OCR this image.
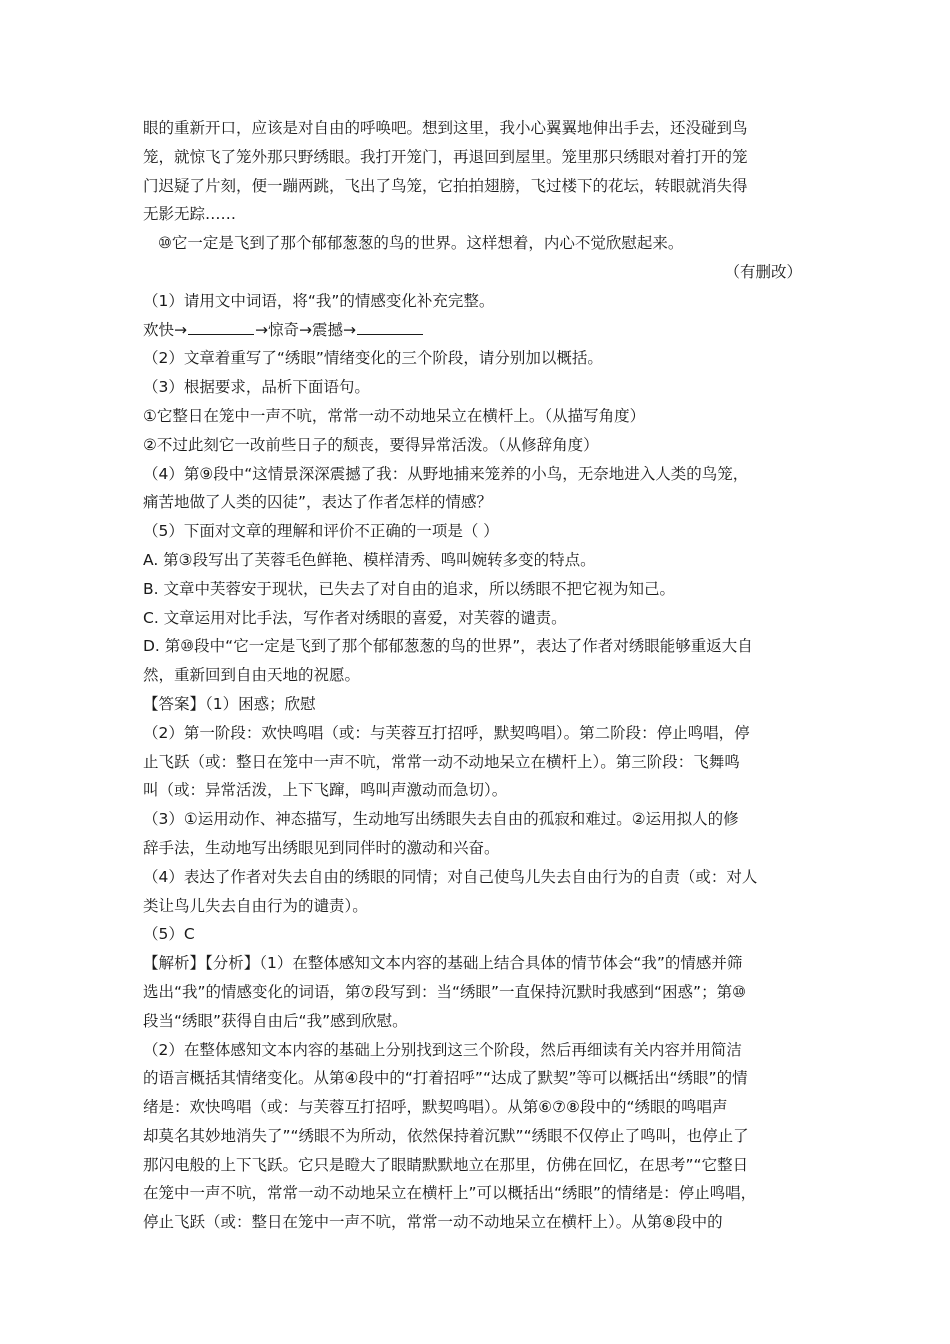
眼的重新开口，应该是对自由的呼唤吧。想到这里，我小心翼翼地伸出手去，还没碰到鸟
笼，就惊飞了笼外那只野绣眼。我打开笼门，再退回到屋里。笼里那只绣眼对着打开的笼
门迟疑了片刻，便一蹦两跳，飞出了鸟笼，它拍拍翅膀，飞过楼下的花坛，转眼就消失得
无影无踪……
⑩它一定是飞到了那个郁郁葱葱的鸟的世界。这样想着，内心不觉欣慰起来。
（有删改）
（1）请用文中词语，将“我”的情感变化补充完整。
欢快→	→惊奇→震撼→
（2）文章着重写了“绣眼”情绪变化的三个阶段，请分别加以概括。
（3）根据要求，品析下面语句。
①它整日在笼中一声不吭，常常一动不动地呆立在横杆上。（从描写角度）
②不过此刻它一改前些日子的颓丧，要得异常活泼。（从修辞角度）
（4）第⑨段中“这情景深深震撼了我：从野地捕来笼养的小鸟，无奈地进入人类的鸟笼，
痛苦地做了人类的囚徒”，表达了作者怎样的情感？
（5）下面对文章的理解和评价不正确的一项是（ ）
A. 第③段写出了芙蓉毛色鲜艳、模样清秀、鸣叫婉转多变的特点。
B. 文章中芙蓉安于现状，已失去了对自由的追求，所以绣眼不把它视为知己。
C. 文章运用对比手法，写作者对绣眼的喜爱，对芙蓉的谴责。
D. 第⑩段中“它一定是飞到了那个郁郁葱葱的鸟的世界”，表达了作者对绣眼能够重返大自
然，重新回到自由天地的祝愿。
【答案】（1）困惑；欣慰
（2）第一阶段：欢快鸣唱（或：与芙蓉互打招呼，默契鸣唱）。第二阶段：停止鸣唱，停
止飞跃（或：整日在笼中一声不吭，常常一动不动地呆立在横杆上）。第三阶段：飞舞鸣
叫（或：异常活泼，上下飞蹿，鸣叫声激动而急切）。
（3）①运用动作、神态描写，生动地写出绣眼失去自由的孤寂和难过。②运用拟人的修
辞手法，生动地写出绣眼见到同伴时的激动和兴奋。
（4）表达了作者对失去自由的绣眼的同情；对自己使鸟儿失去自由行为的自责（或：对人
类让鸟儿失去自由行为的谴责）。
（5）C
【解析】【分析】（1）在整体感知文本内容的基础上结合具体的情节体会“我”的情感并筛
选出“我”的情感变化的词语，第⑦段写到：当“绣眼”一直保持沉默时我感到“困惑”；第⑩
段当“绣眼”获得自由后“我”感到欣慰。
（2）在整体感知文本内容的基础上分别找到这三个阶段，然后再细读有关内容并用简洁
的语言概括其情绪变化。从第④段中的“打着招呼”“达成了默契”等可以概括出“绣眼”的情
绪是：欢快鸣唱（或：与芙蓉互打招呼，默契鸣唱）。从第⑥⑦⑧段中的“绣眼的鸣唱声
却莫名其妙地消失了”“绣眼不为所动，依然保持着沉默”“绣眼不仅停止了鸣叫，也停止了
那闪电般的上下飞跃。它只是瞪大了眼睛默默地立在那里，仿佛在回忆，在思考”“它整日
在笼中一声不吭，常常一动不动地呆立在横杆上”可以概括出“绣眼”的情绪是：停止鸣唱，
停止飞跃（或：整日在笼中一声不吭，常常一动不动地呆立在横杆上）。从第⑧段中的
